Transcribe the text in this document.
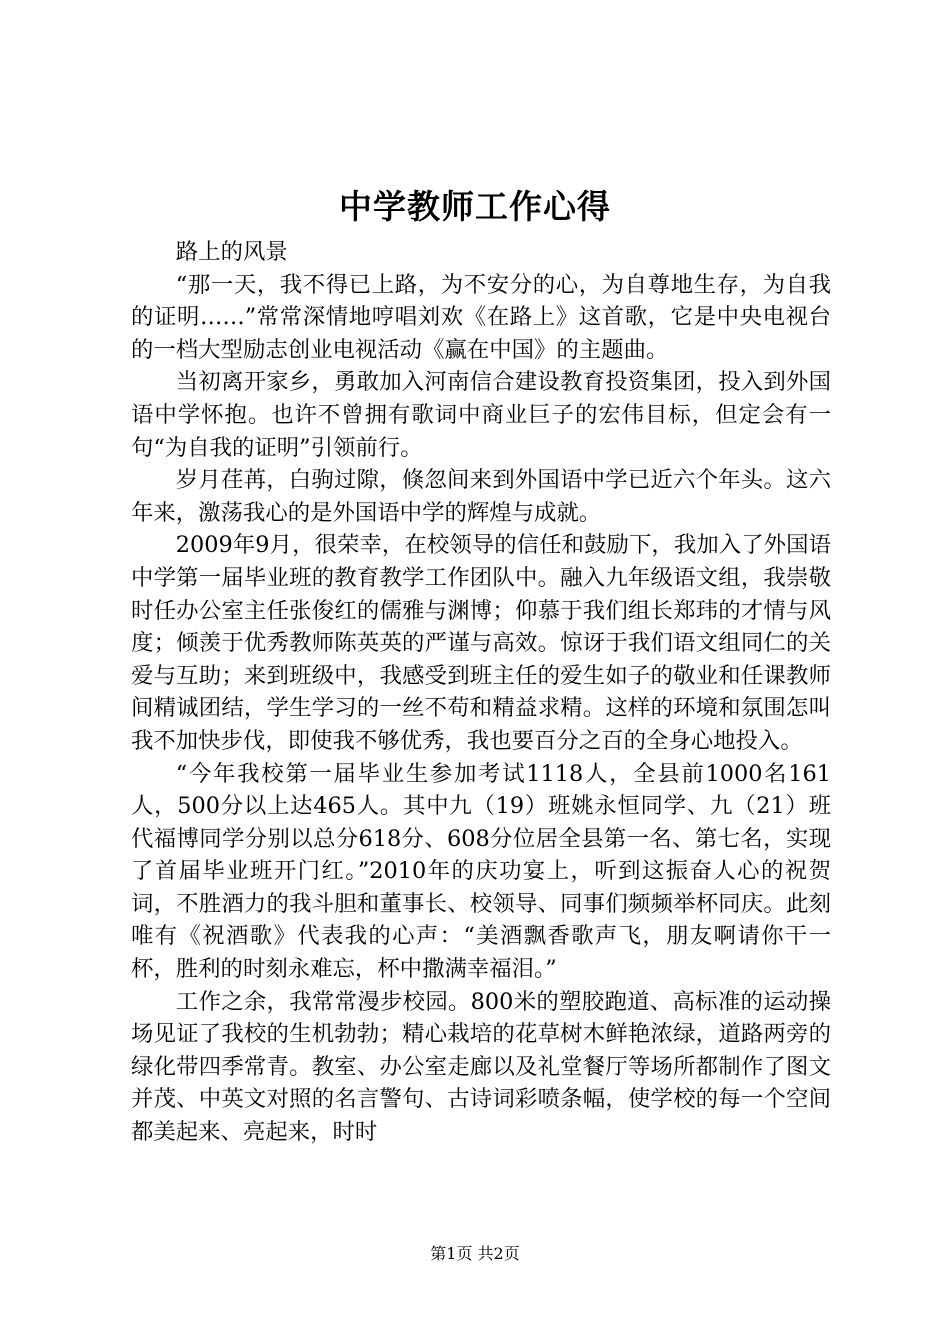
中学教师工作心得

路上的风景

“那一天，我不得已上路，为不安分的心，为自尊地生存，为自我的证明……”常常深情地哼唱刘欢《在路上》这首歌，它是中央电视台的一档大型励志创业电视活动《赢在中国》的主题曲。

当初离开家乡，勇敢加入河南信合建设教育投资集团，投入到外国语中学怀抱。也许不曾拥有歌词中商业巨子的宏伟目标，但定会有一句“为自我的证明”引领前行。

岁月荏苒，白驹过隙，倏忽间来到外国语中学已近六个年头。这六年来，激荡我心的是外国语中学的辉煌与成就。

2009年9月，很荣幸，在校领导的信任和鼓励下，我加入了外国语中学第一届毕业班的教育教学工作团队中。融入九年级语文组，我崇敬时任办公室主任张俊红的儒雅与渊博；仰慕于我们组长郑玮的才情与风度；倾羡于优秀教师陈英英的严谨与高效。惊讶于我们语文组同仁的关爱与互助；来到班级中，我感受到班主任的爱生如子的敬业和任课教师间精诚团结，学生学习的一丝不苟和精益求精。这样的环境和氛围怎叫我不加快步伐，即使我不够优秀，我也要百分之百的全身心地投入。

“今年我校第一届毕业生参加考试1118人，全县前1000名161人，500分以上达465人。其中九（19）班姚永恒同学、九（21）班代福博同学分别以总分618分、608分位居全县第一名、第七名，实现了首届毕业班开门红。”2010年的庆功宴上，听到这振奋人心的祝贺词，不胜酒力的我斗胆和董事长、校领导、同事们频频举杯同庆。此刻唯有《祝酒歌》代表我的心声：“美酒飘香歌声飞，朋友啊请你干一杯，胜利的时刻永难忘，杯中撒满幸福泪。”

工作之余，我常常漫步校园。800米的塑胶跑道、高标准的运动操场见证了我校的生机勃勃；精心栽培的花草树木鲜艳浓绿，道路两旁的绿化带四季常青。教室、办公室走廊以及礼堂餐厅等场所都制作了图文并茂、中英文对照的名言警句、古诗词彩喷条幅，使学校的每一个空间都美起来、亮起来，时时

第1页 共2页
